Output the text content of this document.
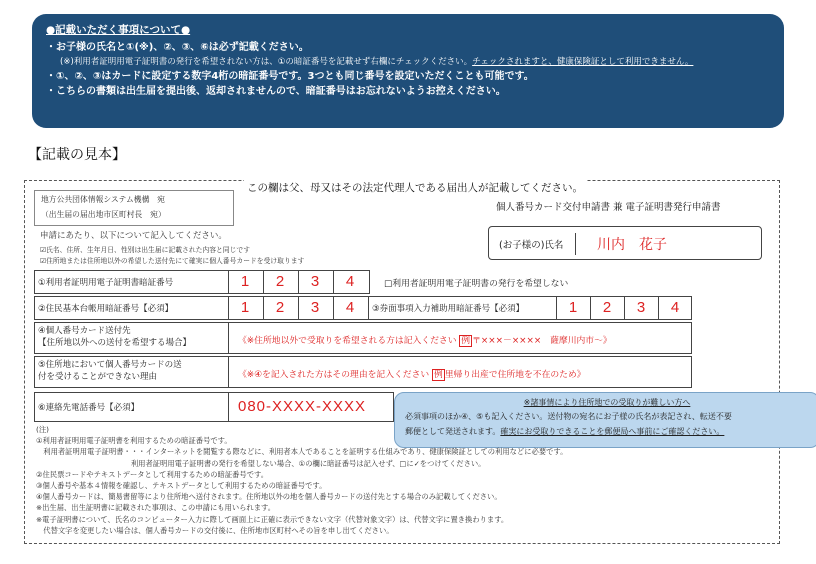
●記載いただく事項について●
・お子様の氏名と①(※)、②、③、⑥は必ず記載ください。
(※)利用者証明用電子証明書の発行を希望されない方は、①の暗証番号を記載せず右欄にチェックください。チェックされますと、健康保険証として利用できません。
・①、②、③はカードに設定する数字4桁の暗証番号です。3つとも同じ番号を設定いただくことも可能です。
・こちらの書類は出生届を提出後、返却されませんので、暗証番号はお忘れないようお控えください。
【記載の見本】
この欄は父、母又はその法定代理人である届出人が記載してください。
地方公共団体情報システム機構　宛
（出生届の届出地市区町村長　宛）
個人番号カード交付申請書 兼 電子証明書発行申請書
申請にあたり、以下について記入してください。
☑氏名、住所、生年月日、性別は出生届に記載された内容と同じです
☑住所地または住所地以外の希望した送付先にて確実に個人番号カードを受け取ります
(お子様の)氏名 川内　花子
①利用者証明用電子証明書暗証番号	1	2	3	4	□利用者証明用電子証明書の発行を希望しない
②住民基本台帳用暗証番号【必須】	1	2	3	4	③券面事項入力補助用暗証番号【必須】	1	2	3	4
④個人番号カード送付先
【住所地以外への送付を希望する場合】	《※住所地以外で受取りを希望される方は記入ください 例 〒×××－××××　薩摩川内市～》
⑤住所地において個人番号カードの送
付を受けることができない理由	《※④を記入された方はその理由を記入ください 例 里帰り出産で住所地を不在のため》
⑥連絡先電話番号【必須】	080-XXXX-XXXX	※諸事情により住所地での受取りが難しい方へ
必須事項のほか④、⑤も記入ください。送付物の宛名にお子様の氏名が表記され、転送不要
郵便として発送されます。確実にお受取りできることを郵便局へ事前にご確認ください。
(注)
①利用者証明用電子証明書を利用するための暗証番号です。
　利用者証明用電子証明書・・・インターネットを閲覧する際などに、利用者本人であることを証明する仕組みであり、健康保険証としての利用などに必要です。
　　　　　　　　　　　　　利用者証明用電子証明書の発行を希望しない場合、①の欄に暗証番号は記入せず、□に✓をつけてください。
②住民票コードやテキストデータとして利用するための暗証番号です。
③個人番号や基本４情報を確認し、テキストデータとして利用するための暗証番号です。
④個人番号カードは、簡易書留等により住所地へ送付されます。住所地以外の地を個人番号カードの送付先とする場合のみ記載してください。
※出生届、出生証明書に記載された事項は、この申請にも用いられます。
※電子証明書について、氏名のコンピューター入力に際して画面上に正確に表示できない文字（代替対象文字）は、代替文字に置き換わります。
　代替文字を変更したい場合は、個人番号カードの交付後に、住所地市区町村へその旨を申し出てください。
